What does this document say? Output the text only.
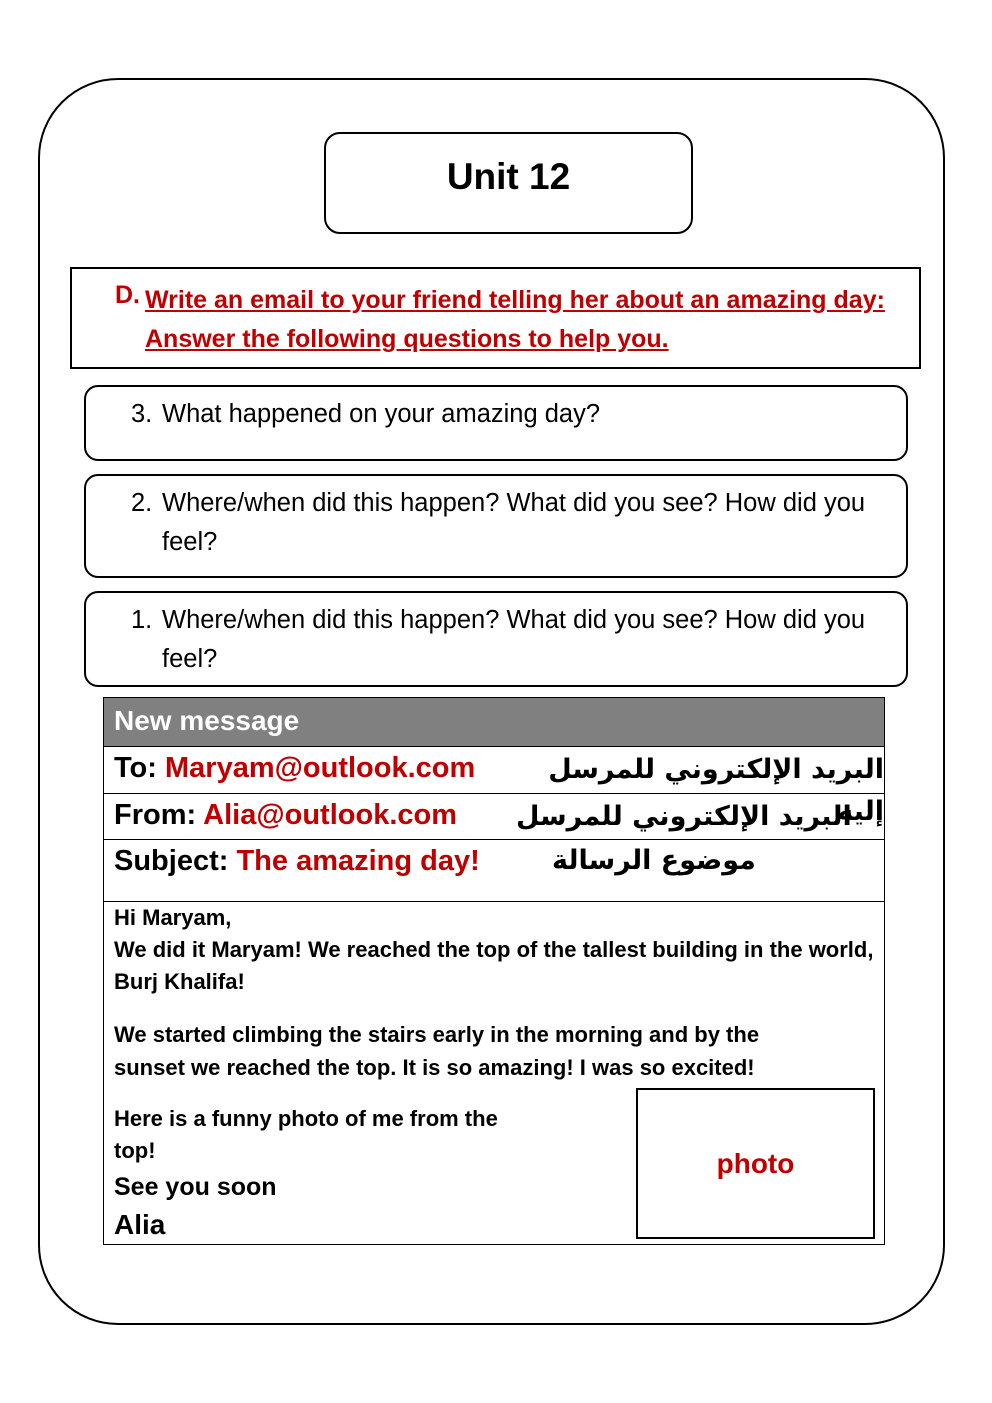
Unit 12
D. Write an email to your friend telling her about an amazing day: Answer the following questions to help you.
3. What happened on your amazing day?
2. Where/when did this happen? What did you see? How did you feel?
1. Where/when did this happen? What did you see? How did you feel?
New message
To: Maryam@outlook.com	البريد الإلكتروني للمرسل إليه
From: Alia@outlook.com البريد الإلكتروني للمرسل
Subject: The amazing day!	موضوع الرسالة
Hi Maryam,
We did it Maryam! We reached the top of the tallest building in the world, Burj Khalifa!
We started climbing the stairs early in the morning and by the sunset we reached the top. It is so amazing! I was so excited!
Here is a funny photo of me from the top!
See you soon
Alia
photo
